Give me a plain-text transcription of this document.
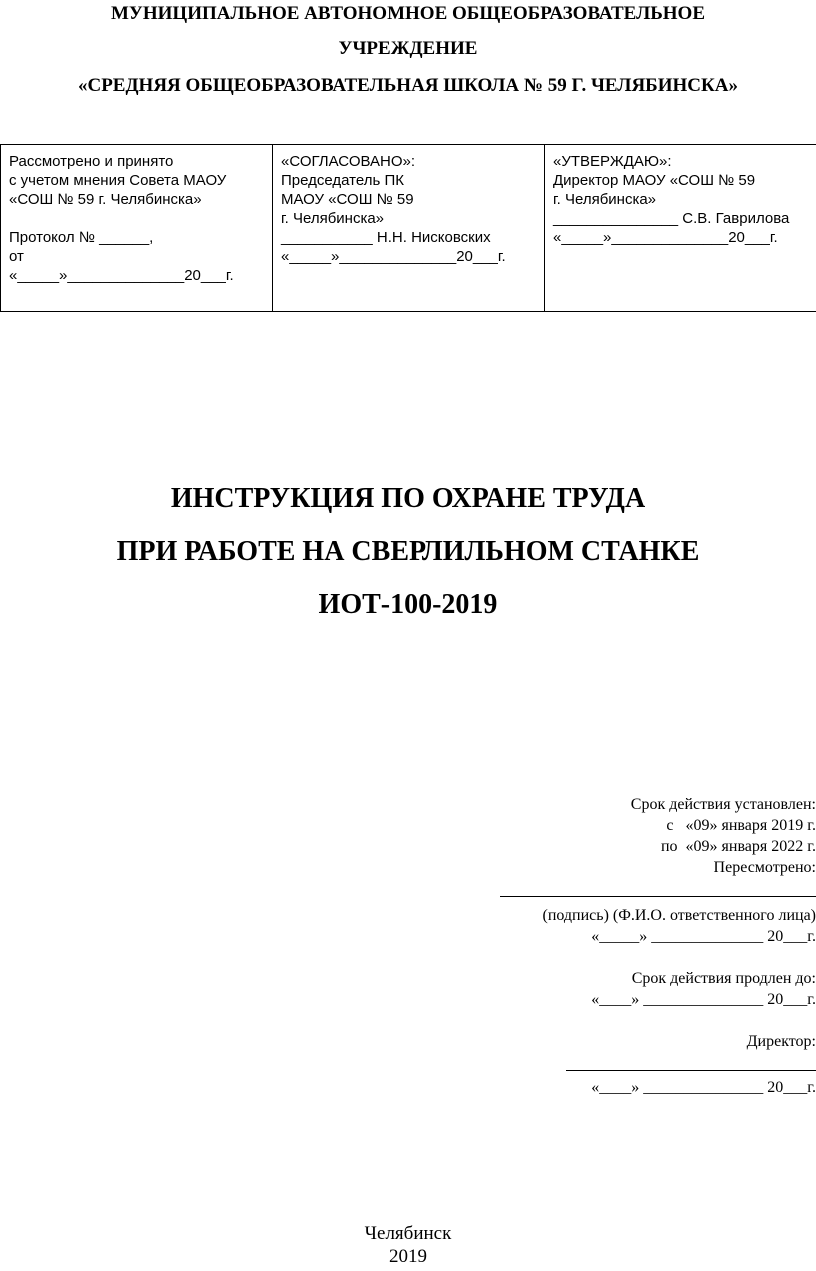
МУНИЦИПАЛЬНОЕ АВТОНОМНОЕ ОБЩЕОБРАЗОВАТЕЛЬНОЕ
УЧРЕЖДЕНИЕ
«СРЕДНЯЯ ОБЩЕОБРАЗОВАТЕЛЬНАЯ ШКОЛА № 59 Г. ЧЕЛЯБИНСКА»
Рассмотрено и принято
с учетом мнения Совета МАОУ
«СОШ № 59 г. Челябинска»
Протокол № ______,
от
«_____»______________20___г.

«СОГЛАСОВАНО»:
Председатель ПК
МАОУ «СОШ № 59
г. Челябинска»
___________ Н.Н. Нисковских
«_____»______________20___г.

«УТВЕРЖДАЮ»:
Директор МАОУ «СОШ № 59
г. Челябинска»
_______________ С.В. Гаврилова
«_____»______________20___г.
ИНСТРУКЦИЯ ПО ОХРАНЕ ТРУДА
ПРИ РАБОТЕ НА СВЕРЛИЛЬНОМ СТАНКЕ
ИОТ-100-2019
Срок действия установлен:
с   «09» января 2019 г.
по  «09» января 2022 г.
Пересмотрено:
(подпись) (Ф.И.О. ответственного лица)
«_____» ______________ 20___г.
Срок действия продлен до:
«____» _______________ 20___г.
Директор:
«____» _______________ 20___г.
Челябинск
2019
